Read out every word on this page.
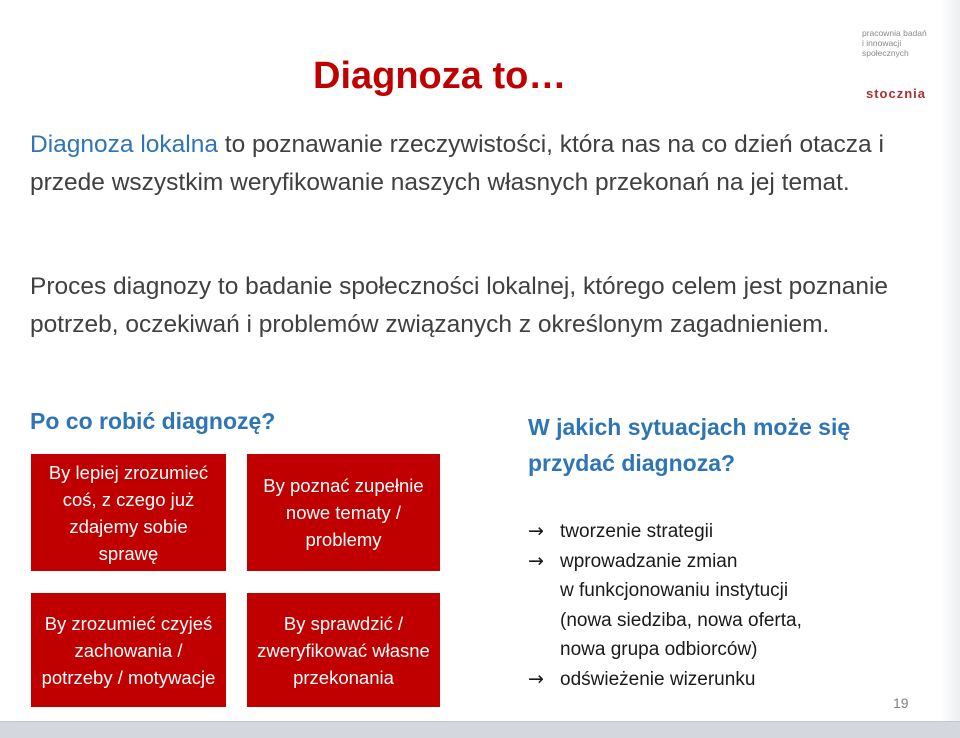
Diagnoza to…
pracownia badań
i innowacji
społecznych
stocznia

Diagnoza lokalna to poznawanie rzeczywistości, która nas na co dzień otacza i przede wszystkim weryfikowanie naszych własnych przekonań na jej temat.

Proces diagnozy to badanie społeczności lokalnej, którego celem jest poznanie potrzeb, oczekiwań i problemów związanych z określonym zagadnieniem.

Po co robić diagnozę?
By lepiej zrozumieć coś, z czego już zdajemy sobie sprawę
By poznać zupełnie nowe tematy / problemy
By zrozumieć czyjeś zachowania / potrzeby / motywacje
By sprawdzić / zweryfikować własne przekonania
W jakich sytuacjach może się przydać diagnoza?
→ tworzenie strategii
→ wprowadzanie zmian
w funkcjonowaniu instytucji
(nowa siedziba, nowa oferta,
nowa grupa odbiorców)
→ odświeżenie wizerunku
19
